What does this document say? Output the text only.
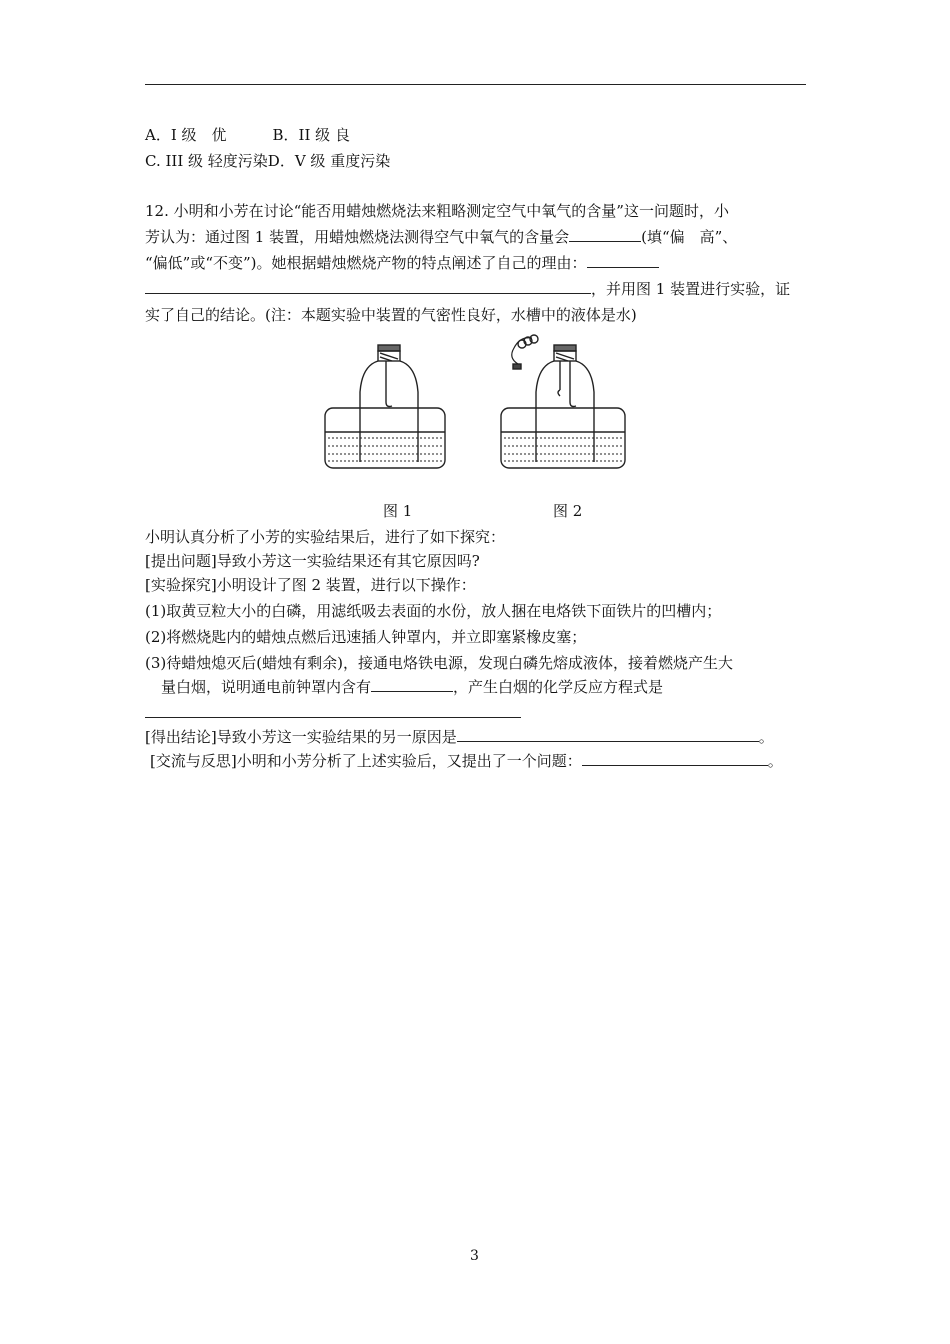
A．I 级　优	B．II 级 良
C. III 级 轻度污染D．V 级 重度污染
12. 小明和小芳在讨论“能否用蜡烛燃烧法来粗略测定空气中氧气的含量”这一问题时，小
芳认为：通过图 1 装置，用蜡烛燃烧法测得空气中氧气的含量会	(填“偏　高”、
“偏低”或“不变”)。她根据蜡烛燃烧产物的特点阐述了自己的理由：
，并用图 1 装置进行实验，证
实了自己的结论。(注：本题实验中装置的气密性良好，水槽中的液体是水)
图 1	图 2
小明认真分析了小芳的实验结果后，进行了如下探究：
[提出问题]导致小芳这一实验结果还有其它原因吗?
[实验探究]小明设计了图 2 装置，进行以下操作：
(1)取黄豆粒大小的白磷，用滤纸吸去表面的水份，放人捆在电烙铁下面铁片的凹槽内；
(2)将燃烧匙内的蜡烛点燃后迅速插人钟罩内，并立即塞紧橡皮塞；
(3)待蜡烛熄灭后(蜡烛有剩余)，接通电烙铁电源，发现白磷先熔成液体，接着燃烧产生大
量白烟，说明通电前钟罩内含有	，产生白烟的化学反应方程式是
[得出结论]导致小芳这一实验结果的另一原因是	。
[交流与反思]小明和小芳分析了上述实验后，又提出了一个问题：	。
3
